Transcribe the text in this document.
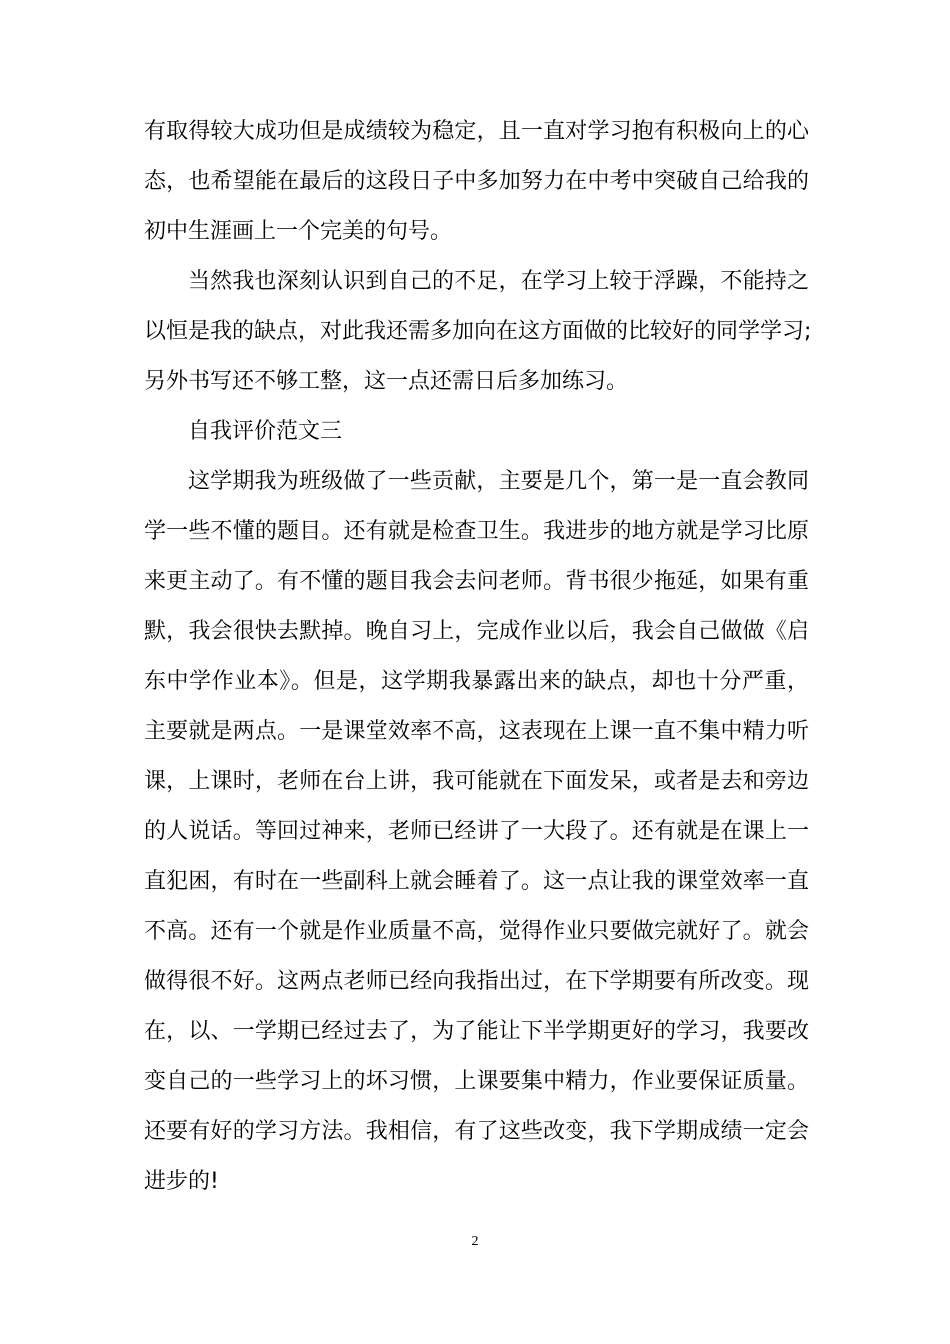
有取得较大成功但是成绩较为稳定，且一直对学习抱有积极向上的心
态，也希望能在最后的这段日子中多加努力在中考中突破自己给我的
初中生涯画上一个完美的句号。
当然我也深刻认识到自己的不足，在学习上较于浮躁，不能持之
以恒是我的缺点，对此我还需多加向在这方面做的比较好的同学学习;
另外书写还不够工整，这一点还需日后多加练习。
自我评价范文三
这学期我为班级做了一些贡献，主要是几个，第一是一直会教同
学一些不懂的题目。还有就是检查卫生。我进步的地方就是学习比原
来更主动了。有不懂的题目我会去问老师。背书很少拖延，如果有重
默，我会很快去默掉。晚自习上，完成作业以后，我会自己做做《启
东中学作业本》。但是，这学期我暴露出来的缺点，却也十分严重，
主要就是两点。一是课堂效率不高，这表现在上课一直不集中精力听
课，上课时，老师在台上讲，我可能就在下面发呆，或者是去和旁边
的人说话。等回过神来，老师已经讲了一大段了。还有就是在课上一
直犯困，有时在一些副科上就会睡着了。这一点让我的课堂效率一直
不高。还有一个就是作业质量不高，觉得作业只要做完就好了。就会
做得很不好。这两点老师已经向我指出过，在下学期要有所改变。现
在，以、一学期已经过去了，为了能让下半学期更好的学习，我要改
变自己的一些学习上的坏习惯，上课要集中精力，作业要保证质量。
还要有好的学习方法。我相信，有了这些改变，我下学期成绩一定会
进步的!
2
